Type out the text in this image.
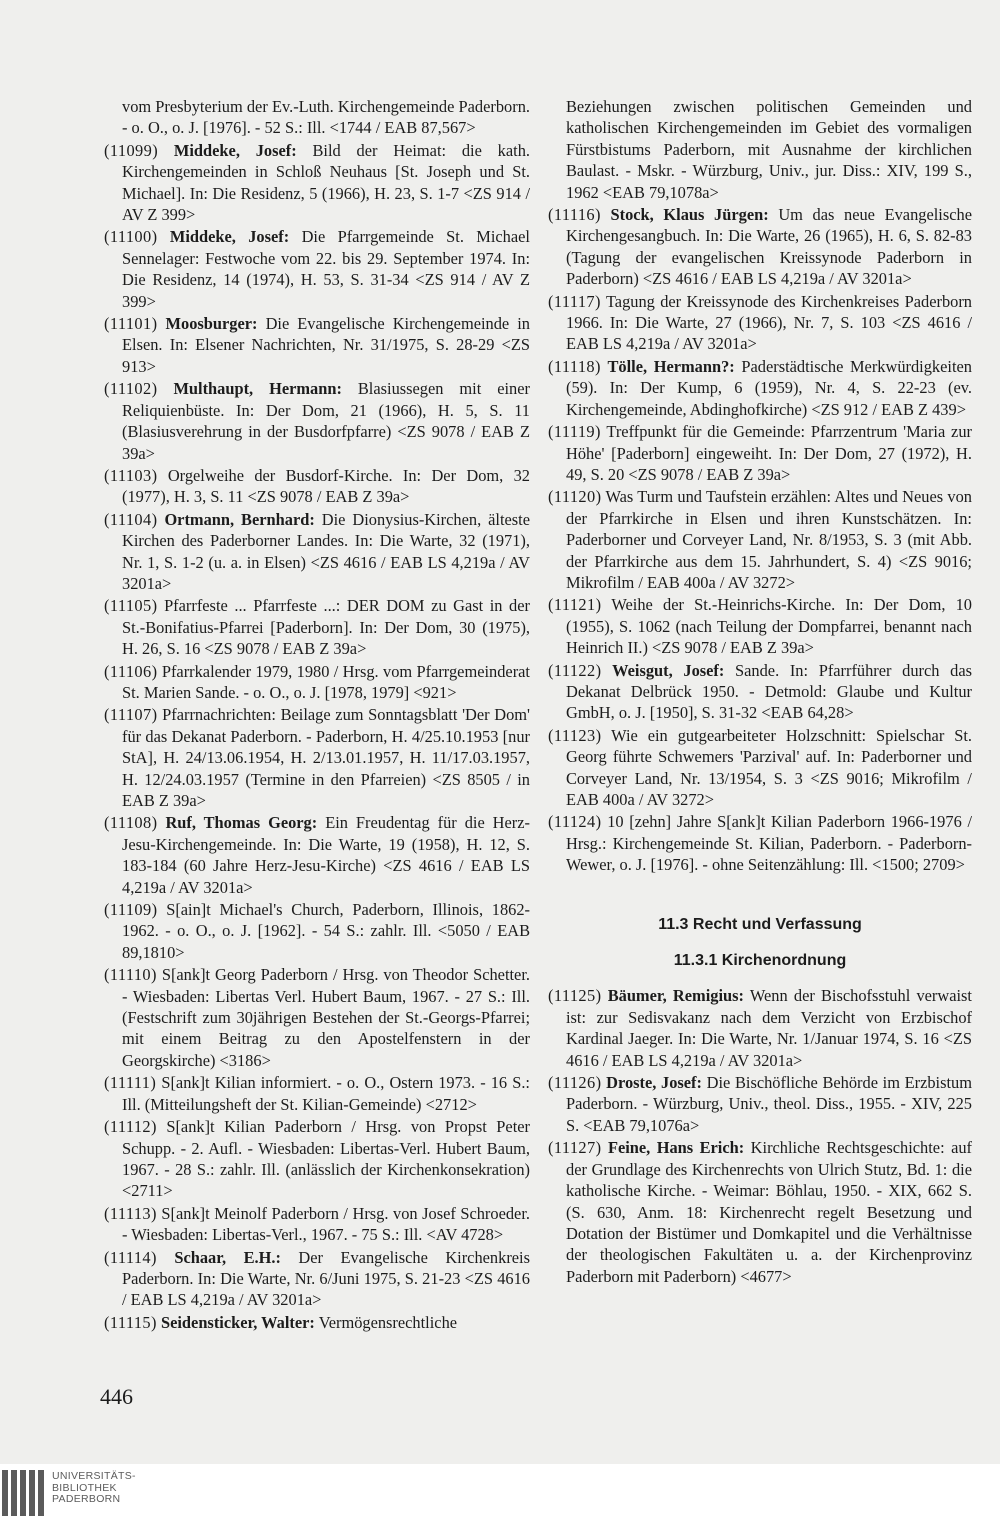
vom Presbyterium der Ev.-Luth. Kirchengemeinde Paderborn. - o. O., o. J. [1976]. - 52 S.: Ill. <1744 / EAB 87,567>

(11099) Middeke, Josef: Bild der Heimat: die kath. Kirchengemeinden in Schloß Neuhaus [St. Joseph und St. Michael]. In: Die Residenz, 5 (1966), H. 23, S. 1-7 <ZS 914 / AV Z 399>

(11100) Middeke, Josef: Die Pfarrgemeinde St. Michael Sennelager: Festwoche vom 22. bis 29. September 1974. In: Die Residenz, 14 (1974), H. 53, S. 31-34 <ZS 914 / AV Z 399>

(11101) Moosburger: Die Evangelische Kirchengemeinde in Elsen. In: Elsener Nachrichten, Nr. 31/1975, S. 28-29 <ZS 913>

(11102) Multhaupt, Hermann: Blasiussegen mit einer Reliquienbüste. In: Der Dom, 21 (1966), H. 5, S. 11 (Blasiusverehrung in der Busdorfpfarre) <ZS 9078 / EAB Z 39a>

(11103) Orgelweihe der Busdorf-Kirche. In: Der Dom, 32 (1977), H. 3, S. 11 <ZS 9078 / EAB Z 39a>

(11104) Ortmann, Bernhard: Die Dionysius-Kirchen, älteste Kirchen des Paderborner Landes. In: Die Warte, 32 (1971), Nr. 1, S. 1-2 (u. a. in Elsen) <ZS 4616 / EAB LS 4,219a / AV 3201a>

(11105) Pfarrfeste ... Pfarrfeste ...: DER DOM zu Gast in der St.-Bonifatius-Pfarrei [Paderborn]. In: Der Dom, 30 (1975), H. 26, S. 16 <ZS 9078 / EAB Z 39a>

(11106) Pfarrkalender 1979, 1980 / Hrsg. vom Pfarrgemeinderat St. Marien Sande. - o. O., o. J. [1978, 1979] <921>

(11107) Pfarrnachrichten: Beilage zum Sonntagsblatt 'Der Dom' für das Dekanat Paderborn. - Paderborn, H. 4/25.10.1953 [nur StA], H. 24/13.06.1954, H. 2/13.01.1957, H. 11/17.03.1957, H. 12/24.03.1957 (Termine in den Pfarreien) <ZS 8505 / in EAB Z 39a>

(11108) Ruf, Thomas Georg: Ein Freudentag für die Herz-Jesu-Kirchengemeinde. In: Die Warte, 19 (1958), H. 12, S. 183-184 (60 Jahre Herz-Jesu-Kirche) <ZS 4616 / EAB LS 4,219a / AV 3201a>

(11109) S[ain]t Michael's Church, Paderborn, Illinois, 1862-1962. - o. O., o. J. [1962]. - 54 S.: zahlr. Ill. <5050 / EAB 89,1810>

(11110) S[ank]t Georg Paderborn / Hrsg. von Theodor Schetter. - Wiesbaden: Libertas Verl. Hubert Baum, 1967. - 27 S.: Ill. (Festschrift zum 30jährigen Bestehen der St.-Georgs-Pfarrei; mit einem Beitrag zu den Apostelfenstern in der Georgskirche) <3186>

(11111) S[ank]t Kilian informiert. - o. O., Ostern 1973. - 16 S.: Ill. (Mitteilungsheft der St. Kilian-Gemeinde) <2712>

(11112) S[ank]t Kilian Paderborn / Hrsg. von Propst Peter Schupp. - 2. Aufl. - Wiesbaden: Libertas-Verl. Hubert Baum, 1967. - 28 S.: zahlr. Ill. (anlässlich der Kirchenkonsekration) <2711>

(11113) S[ank]t Meinolf Paderborn / Hrsg. von Josef Schroeder. - Wiesbaden: Libertas-Verl., 1967. - 75 S.: Ill. <AV 4728>

(11114) Schaar, E.H.: Der Evangelische Kirchenkreis Paderborn. In: Die Warte, Nr. 6/Juni 1975, S. 21-23 <ZS 4616 / EAB LS 4,219a / AV 3201a>

(11115) Seidensticker, Walter: Vermögensrechtliche

Beziehungen zwischen politischen Gemeinden und katholischen Kirchengemeinden im Gebiet des vormaligen Fürstbistums Paderborn, mit Ausnahme der kirchlichen Baulast. - Mskr. - Würzburg, Univ., jur. Diss.: XIV, 199 S., 1962 <EAB 79,1078a>

(11116) Stock, Klaus Jürgen: Um das neue Evangelische Kirchengesangbuch. In: Die Warte, 26 (1965), H. 6, S. 82-83 (Tagung der evangelischen Kreissynode Paderborn in Paderborn) <ZS 4616 / EAB LS 4,219a / AV 3201a>

(11117) Tagung der Kreissynode des Kirchenkreises Paderborn 1966. In: Die Warte, 27 (1966), Nr. 7, S. 103 <ZS 4616 / EAB LS 4,219a / AV 3201a>

(11118) Tölle, Hermann?: Paderstädtische Merkwürdigkeiten (59). In: Der Kump, 6 (1959), Nr. 4, S. 22-23 (ev. Kirchengemeinde, Abdinghofkirche) <ZS 912 / EAB Z 439>

(11119) Treffpunkt für die Gemeinde: Pfarrzentrum 'Maria zur Höhe' [Paderborn] eingeweiht. In: Der Dom, 27 (1972), H. 49, S. 20 <ZS 9078 / EAB Z 39a>

(11120) Was Turm und Taufstein erzählen: Altes und Neues von der Pfarrkirche in Elsen und ihren Kunstschätzen. In: Paderborner und Corveyer Land, Nr. 8/1953, S. 3 (mit Abb. der Pfarrkirche aus dem 15. Jahrhundert, S. 4) <ZS 9016; Mikrofilm / EAB 400a / AV 3272>

(11121) Weihe der St.-Heinrichs-Kirche. In: Der Dom, 10 (1955), S. 1062 (nach Teilung der Dompfarrei, benannt nach Heinrich II.) <ZS 9078 / EAB Z 39a>

(11122) Weisgut, Josef: Sande. In: Pfarrführer durch das Dekanat Delbrück 1950. - Detmold: Glaube und Kultur GmbH, o. J. [1950], S. 31-32 <EAB 64,28>

(11123) Wie ein gutgearbeiteter Holzschnitt: Spielschar St. Georg führte Schwemers 'Parzival' auf. In: Paderborner und Corveyer Land, Nr. 13/1954, S. 3 <ZS 9016; Mikrofilm / EAB 400a / AV 3272>

(11124) 10 [zehn] Jahre S[ank]t Kilian Paderborn 1966-1976 / Hrsg.: Kirchengemeinde St. Kilian, Paderborn. - Paderborn-Wewer, o. J. [1976]. - ohne Seitenzählung: Ill. <1500; 2709>

11.3 Recht und Verfassung

11.3.1 Kirchenordnung

(11125) Bäumer, Remigius: Wenn der Bischofsstuhl verwaist ist: zur Sedisvakanz nach dem Verzicht von Erzbischof Kardinal Jaeger. In: Die Warte, Nr. 1/Januar 1974, S. 16 <ZS 4616 / EAB LS 4,219a / AV 3201a>

(11126) Droste, Josef: Die Bischöfliche Behörde im Erzbistum Paderborn. - Würzburg, Univ., theol. Diss., 1955. - XIV, 225 S. <EAB 79,1076a>

(11127) Feine, Hans Erich: Kirchliche Rechtsgeschichte: auf der Grundlage des Kirchenrechts von Ulrich Stutz, Bd. 1: die katholische Kirche. - Weimar: Böhlau, 1950. - XIX, 662 S. (S. 630, Anm. 18: Kirchenrecht regelt Besetzung und Dotation der Bistümer und Domkapitel und die Verhältnisse der theologischen Fakultäten u. a. der Kirchenprovinz Paderborn mit Paderborn) <4677>

446
UNIVERSITÄTS-
BIBLIOTHEK
PADERBORN
